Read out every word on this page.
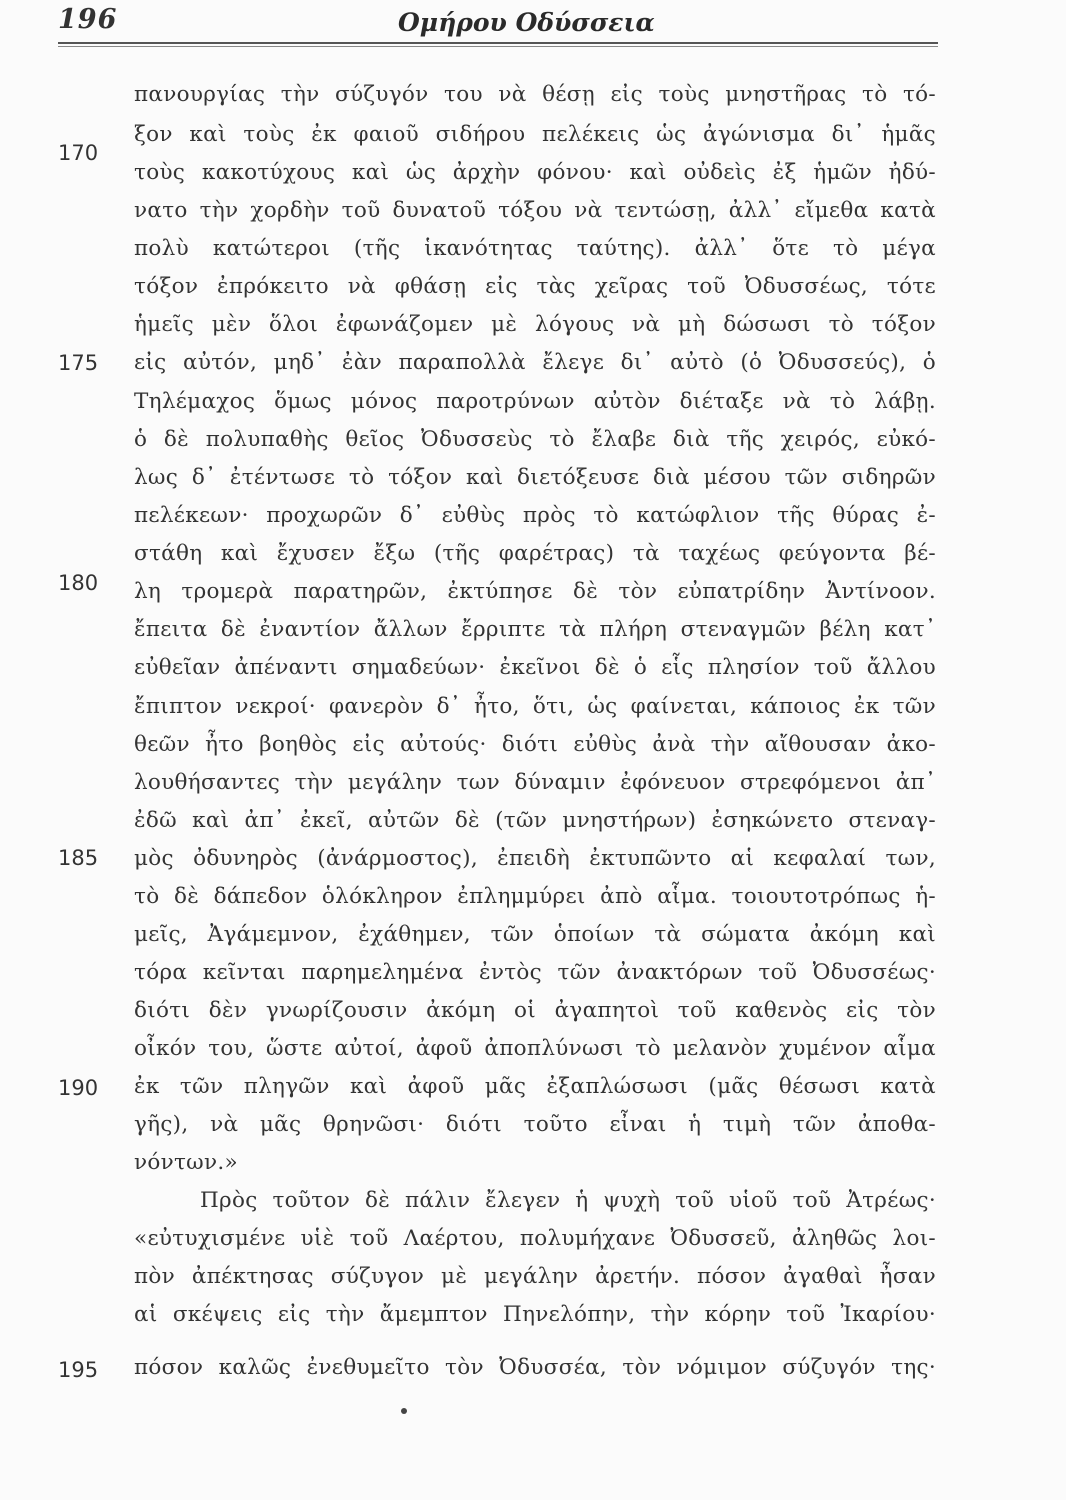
196	Ομήρου Οδύσσεια
πανουργίας τὴν σύζυγόν του νὰ θέσῃ εἰς τοὺς μνηστῆρας τὸ τό-
ξον καὶ τοὺς ἐκ φαιοῦ σιδήρου πελέκεις ὡς ἀγώνισμα δι᾽ ἡμᾶς
τοὺς κακοτύχους καὶ ὡς ἀρχὴν φόνου· καὶ οὐδεὶς ἐξ ἡμῶν ἠδύ-
νατο τὴν χορδὴν τοῦ δυνατοῦ τόξου νὰ τεντώσῃ, ἀλλ᾽ εἴμεθα κατὰ
πολὺ κατώτεροι (τῆς ἱκανότητας ταύτης). ἀλλ᾽ ὅτε τὸ μέγα
τόξον ἐπρόκειτο νὰ φθάσῃ εἰς τὰς χεῖρας τοῦ Ὀδυσσέως, τότε
ἡμεῖς μὲν ὅλοι ἐφωνάζομεν μὲ λόγους νὰ μὴ δώσωσι τὸ τόξον
εἰς αὐτόν, μηδ᾽ ἐὰν παραπολλὰ ἔλεγε δι᾽ αὐτὸ (ὁ Ὀδυσσεύς), ὁ
Τηλέμαχος ὅμως μόνος παροτρύνων αὐτὸν διέταξε νὰ τὸ λάβῃ.
ὁ δὲ πολυπαθὴς θεῖος Ὀδυσσεὺς τὸ ἔλαβε διὰ τῆς χειρός, εὐκό-
λως δ᾽ ἐτέντωσε τὸ τόξον καὶ διετόξευσε διὰ μέσου τῶν σιδηρῶν
πελέκεων· προχωρῶν δ᾽ εὐθὺς πρὸς τὸ κατώφλιον τῆς θύρας ἐ-
στάθη καὶ ἔχυσεν ἔξω (τῆς φαρέτρας) τὰ ταχέως φεύγοντα βέ-
λη τρομερὰ παρατηρῶν, ἐκτύπησε δὲ τὸν εὐπατρίδην Ἀντίνοον.
ἔπειτα δὲ ἐναντίον ἄλλων ἔρριπτε τὰ πλήρη στεναγμῶν βέλη κατ᾽
εὐθεῖαν ἀπέναντι σημαδεύων· ἐκεῖνοι δὲ ὁ εἷς πλησίον τοῦ ἄλλου
ἔπιπτον νεκροί· φανερὸν δ᾽ ἦτο, ὅτι, ὡς φαίνεται, κάποιος ἐκ τῶν
θεῶν ἦτο βοηθὸς εἰς αὐτούς· διότι εὐθὺς ἀνὰ τὴν αἴθουσαν ἀκο-
λουθήσαντες τὴν μεγάλην των δύναμιν ἐφόνευον στρεφόμενοι ἀπ᾽
ἐδῶ καὶ ἀπ᾽ ἐκεῖ, αὐτῶν δὲ (τῶν μνηστήρων) ἐσηκώνετο στεναγ-
μὸς ὀδυνηρὸς (ἀνάρμοστος), ἐπειδὴ ἐκτυπῶντο αἱ κεφαλαί των,
τὸ δὲ δάπεδον ὁλόκληρον ἐπλημμύρει ἀπὸ αἷμα. τοιουτοτρόπως ἡ-
μεῖς, Ἀγάμεμνον, ἐχάθημεν, τῶν ὁποίων τὰ σώματα ἀκόμη καὶ
τόρα κεῖνται παρημελημένα ἐντὸς τῶν ἀνακτόρων τοῦ Ὀδυσσέως·
διότι δὲν γνωρίζουσιν ἀκόμη οἱ ἀγαπητοὶ τοῦ καθενὸς εἰς τὸν
οἶκόν του, ὥστε αὐτοί, ἀφοῦ ἀποπλύνωσι τὸ μελανὸν χυμένον αἷμα
ἐκ τῶν πληγῶν καὶ ἀφοῦ μᾶς ἐξαπλώσωσι (μᾶς θέσωσι κατὰ
γῆς), νὰ μᾶς θρηνῶσι· διότι τοῦτο εἶναι ἡ τιμὴ τῶν ἀποθα-
νόντων.»
Πρὸς τοῦτον δὲ πάλιν ἔλεγεν ἡ ψυχὴ τοῦ υἱοῦ τοῦ Ἀτρέως·
«εὐτυχισμένε υἱὲ τοῦ Λαέρτου, πολυμήχανε Ὀδυσσεῦ, ἀληθῶς λοι-
πὸν ἀπέκτησας σύζυγον μὲ μεγάλην ἀρετήν. πόσον ἀγαθαὶ ἦσαν
αἱ σκέψεις εἰς τὴν ἄμεμπτον Πηνελόπην, τὴν κόρην τοῦ Ἰκαρίου·
πόσον καλῶς ἐνεθυμεῖτο τὸν Ὀδυσσέα, τὸν νόμιμον σύζυγόν της·
170
175
180
185
190
195
